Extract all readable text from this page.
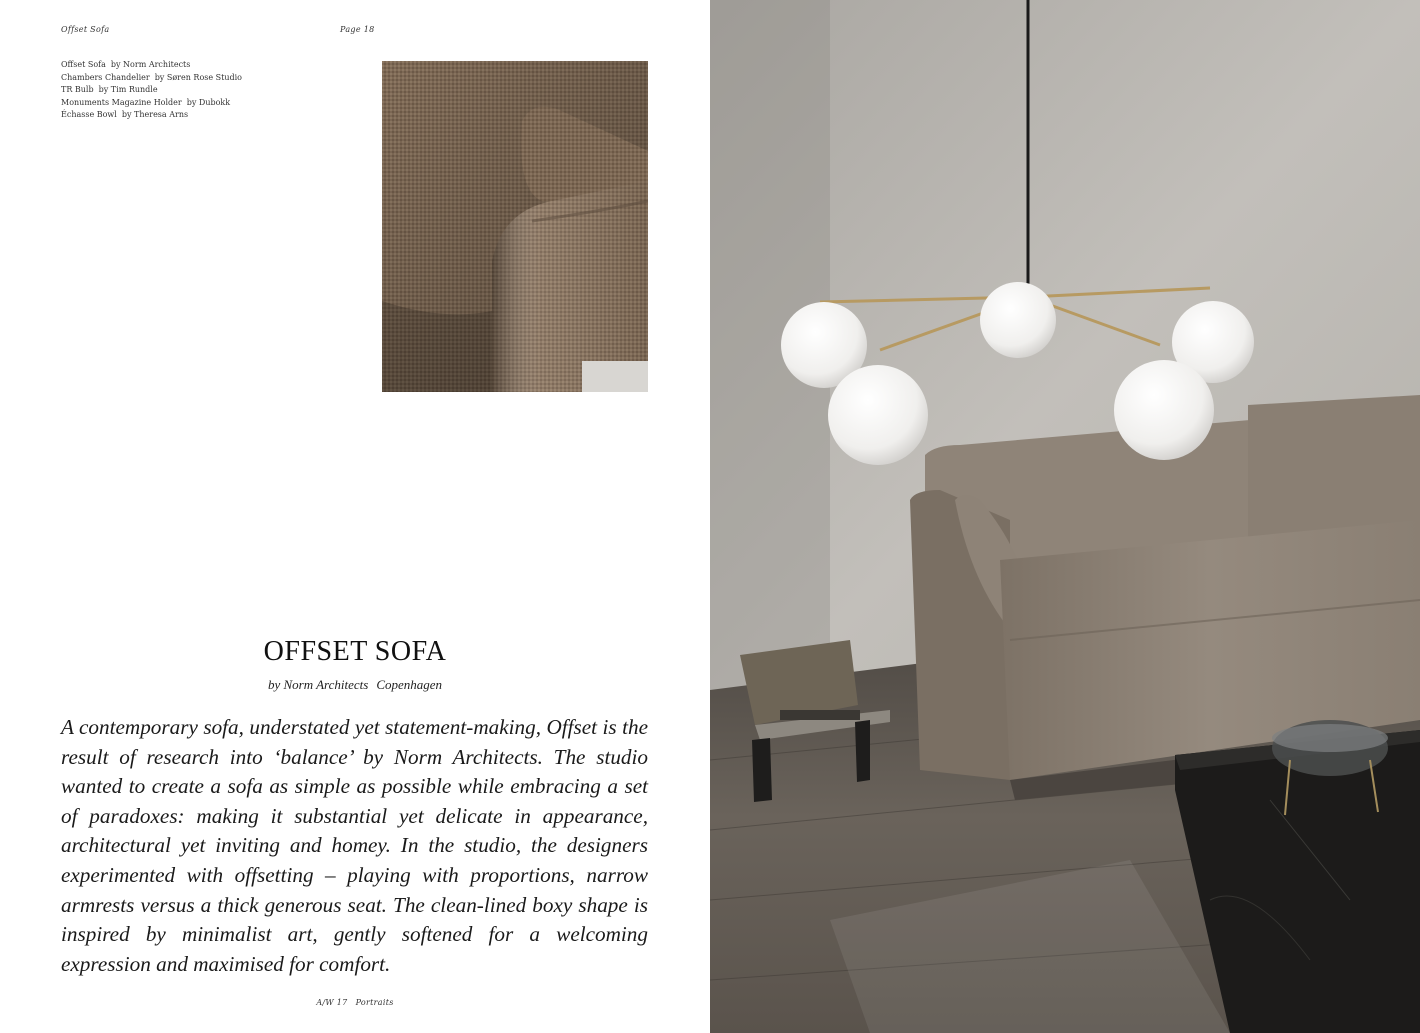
Offset Sofa	Page 18
Offset Sofa by Norm Architects
Chambers Chandelier by Søren Rose Studio
TR Bulb by Tim Rundle
Monuments Magazine Holder by Dubokk
Échasse Bowl by Theresa Arns
OFFSET SOFA
by Norm Architects Copenhagen
A contemporary sofa, understated yet statement-making, Offset is the result of research into ‘balance’ by Norm Architects. The studio wanted to create a sofa as simple as possible while embracing a set of paradoxes: making it substantial yet delicate in appearance, architectural yet inviting and homey. In the studio, the designers experimented with offsetting – playing with proportions, narrow armrests versus a thick generous seat. The clean-lined boxy shape is inspired by minimalist art, gently softened for a welcoming expression and maximised for comfort.
A/W 17 Portraits
